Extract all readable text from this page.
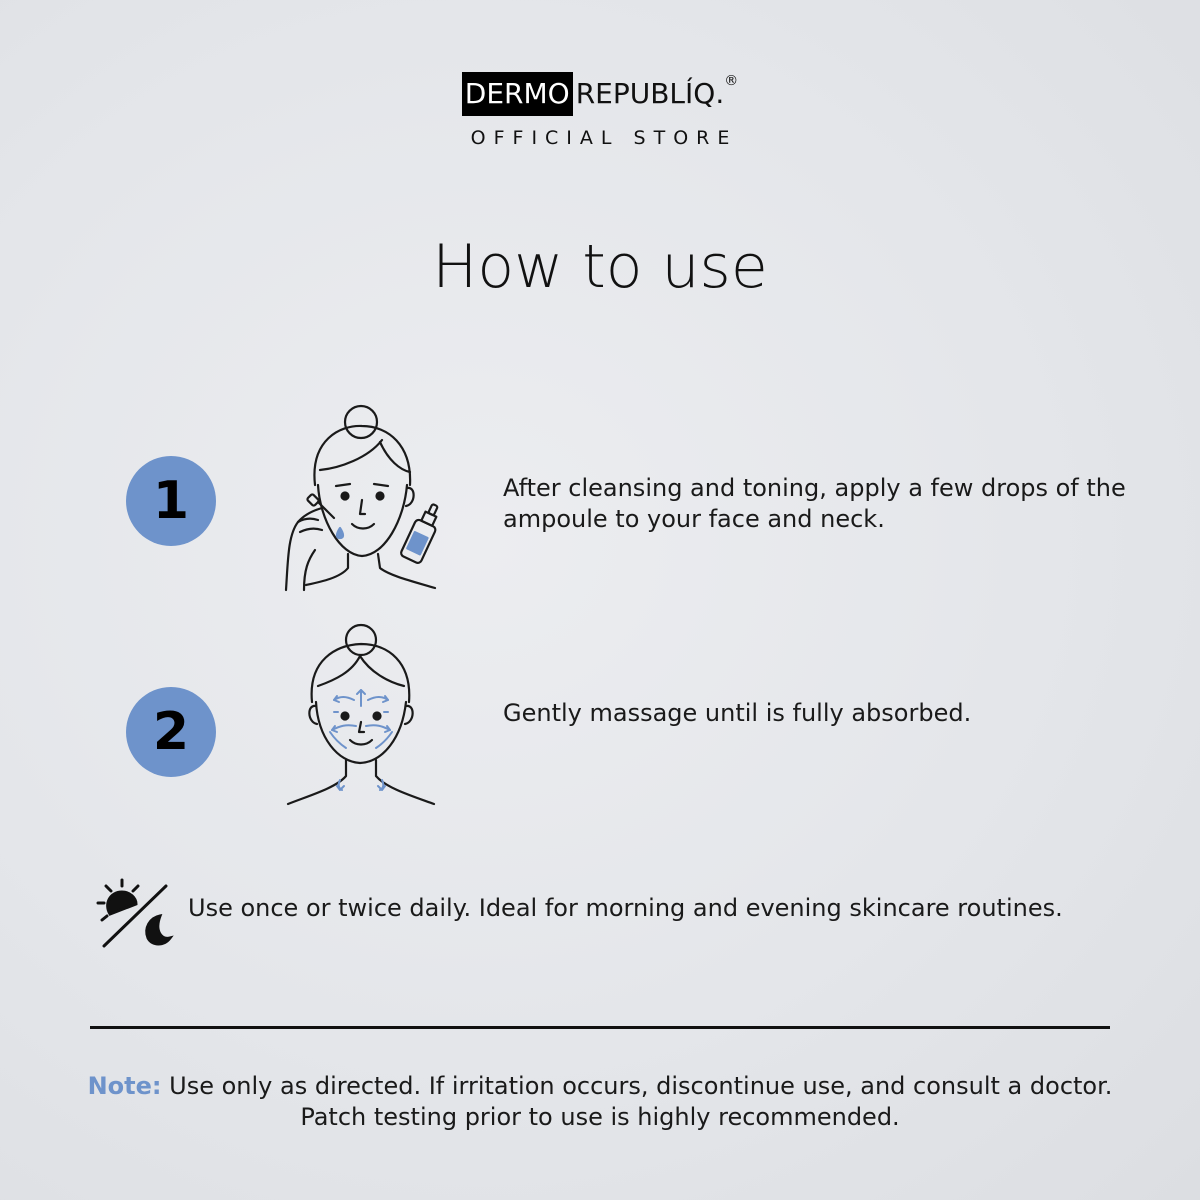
DERMO REPUBLÍQ. ®
OFFICIAL STORE
How to use
1	After cleansing and toning, apply a few drops of the ampoule to your face and neck.
2	Gently massage until is fully absorbed.
Use once or twice daily. Ideal for morning and evening skincare routines.
Note: Use only as directed. If irritation occurs, discontinue use, and consult a doctor.
Patch testing prior to use is highly recommended.
